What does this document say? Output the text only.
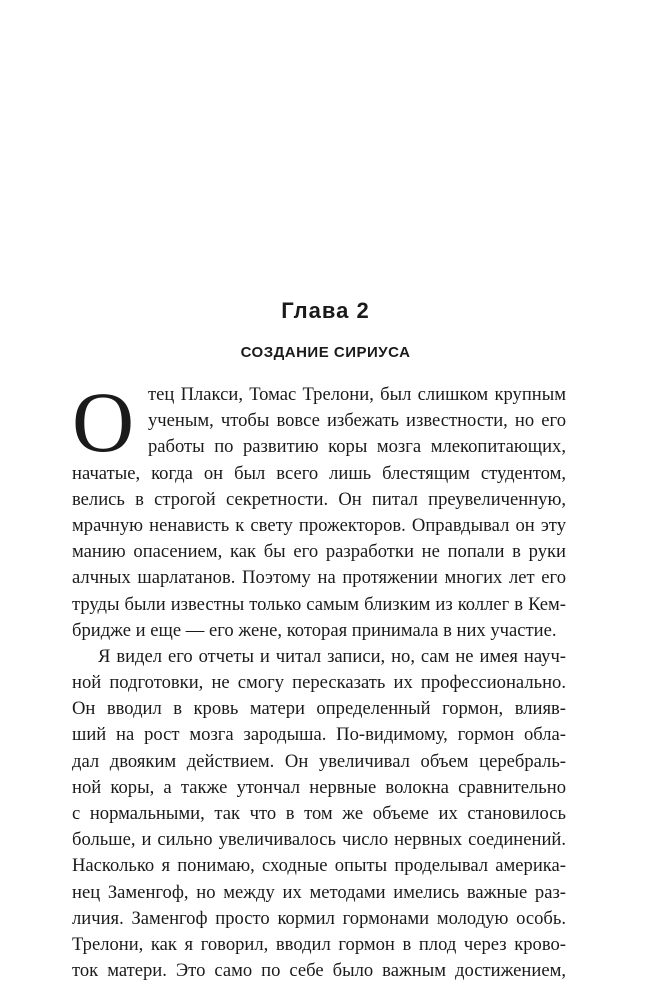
Глава 2
СОЗДАНИЕ СИРИУСА
О тец Плакси, Томас Трелони, был слишком крупным
ученым, чтобы вовсе избежать известности, но его
работы по развитию коры мозга млекопитающих,
начатые, когда он был всего лишь блестящим студентом,
велись в строгой секретности. Он питал преувеличенную,
мрачную ненависть к свету прожекторов. Оправдывал он эту
манию опасением, как бы его разработки не попали в руки
алчных шарлатанов. Поэтому на протяжении многих лет его
труды были известны только самым близким из коллег в Кем-
бридже и еще — его жене, которая принимала в них участие.
Я видел его отчеты и читал записи, но, сам не имея науч-
ной подготовки, не смогу пересказать их профессионально.
Он вводил в кровь матери определенный гормон, влияв-
ший на рост мозга зародыша. По-видимому, гормон обла-
дал двояким действием. Он увеличивал объем церебраль-
ной коры, а также утончал нервные волокна сравнительно
с нормальными, так что в том же объеме их становилось
больше, и сильно увеличивалось число нервных соединений.
Насколько я понимаю, сходные опыты проделывал америка-
нец Заменгоф, но между их методами имелись важные раз-
личия. Заменгоф просто кормил гормонами молодую особь.
Трелони, как я говорил, вводил гормон в плод через крово-
ток матери. Это само по себе было важным достижением,
